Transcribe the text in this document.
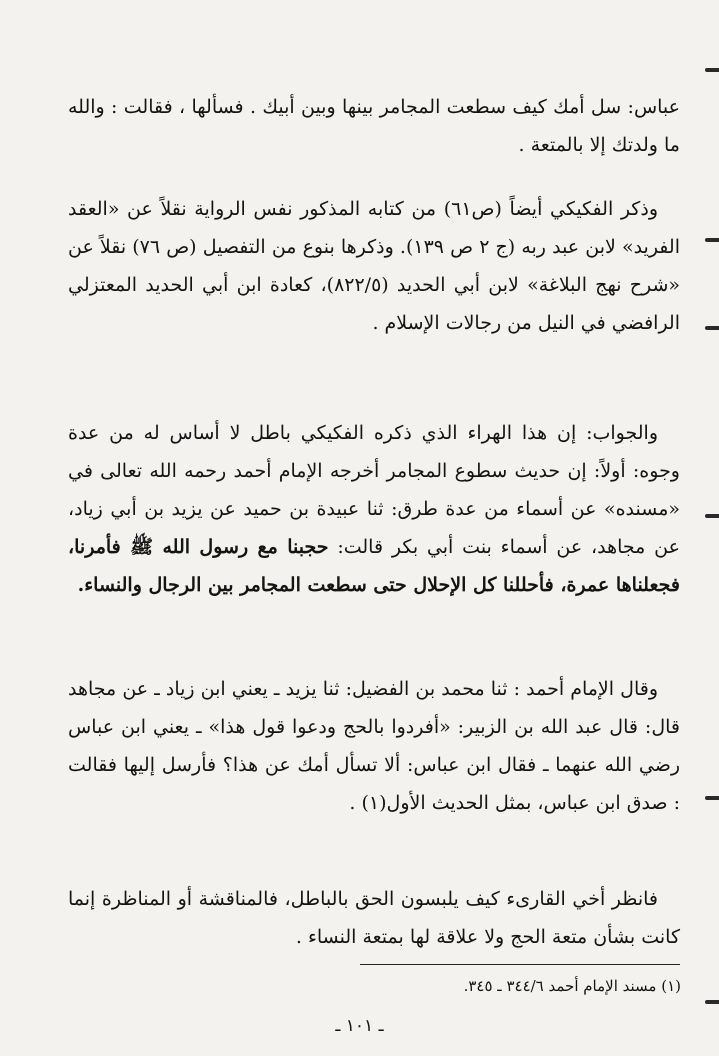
عباس: سل أمك كيف سطعت المجامر بينها وبين أبيك . فسألها ، فقالت : والله ما ولدتك إلا بالمتعة .

وذكر الفكيكي أيضاً (ص٦١) من كتابه المذكور نفس الرواية نقلاً عن «العقد الفريد» لابن عبد ربه (ج ٢ ص ١٣٩). وذكرها بنوع من التفصيل (ص ٧٦) نقلاً عن «شرح نهج البلاغة» لابن أبي الحديد (٨٢٢/٥)، كعادة ابن أبي الحديد المعتزلي الرافضي في النيل من رجالات الإسلام .

والجواب: إن هذا الهراء الذي ذكره الفكيكي باطل لا أساس له من عدة وجوه: أولاً: إن حديث سطوع المجامر أخرجه الإمام أحمد رحمه الله تعالى في «مسنده» عن أسماء من عدة طرق: ثنا عبيدة بن حميد عن يزيد بن أبي زياد، عن مجاهد، عن أسماء بنت أبي بكر قالت: حجبنا مع رسول الله ﷺ فأمرنا، فجعلناها عمرة، فأحللنا كل الإحلال حتى سطعت المجامر بين الرجال والنساء.

وقال الإمام أحمد : ثنا محمد بن الفضيل: ثنا يزيد ـ يعني ابن زياد ـ عن مجاهد قال: قال عبد الله بن الزبير: «أفردوا بالحج ودعوا قول هذا» ـ يعني ابن عباس رضي الله عنهما ـ فقال ابن عباس: ألا تسأل أمك عن هذا؟ فأرسل إليها فقالت : صدق ابن عباس، بمثل الحديث الأول(١) .

فانظر أخي القارىء كيف يلبسون الحق بالباطل، فالمناقشة أو المناظرة إنما كانت بشأن متعة الحج ولا علاقة لها بمتعة النساء .

(١) مسند الإمام أحمد ٣٤٤/٦ ـ ٣٤٥.
ـ ١٠١ ـ
